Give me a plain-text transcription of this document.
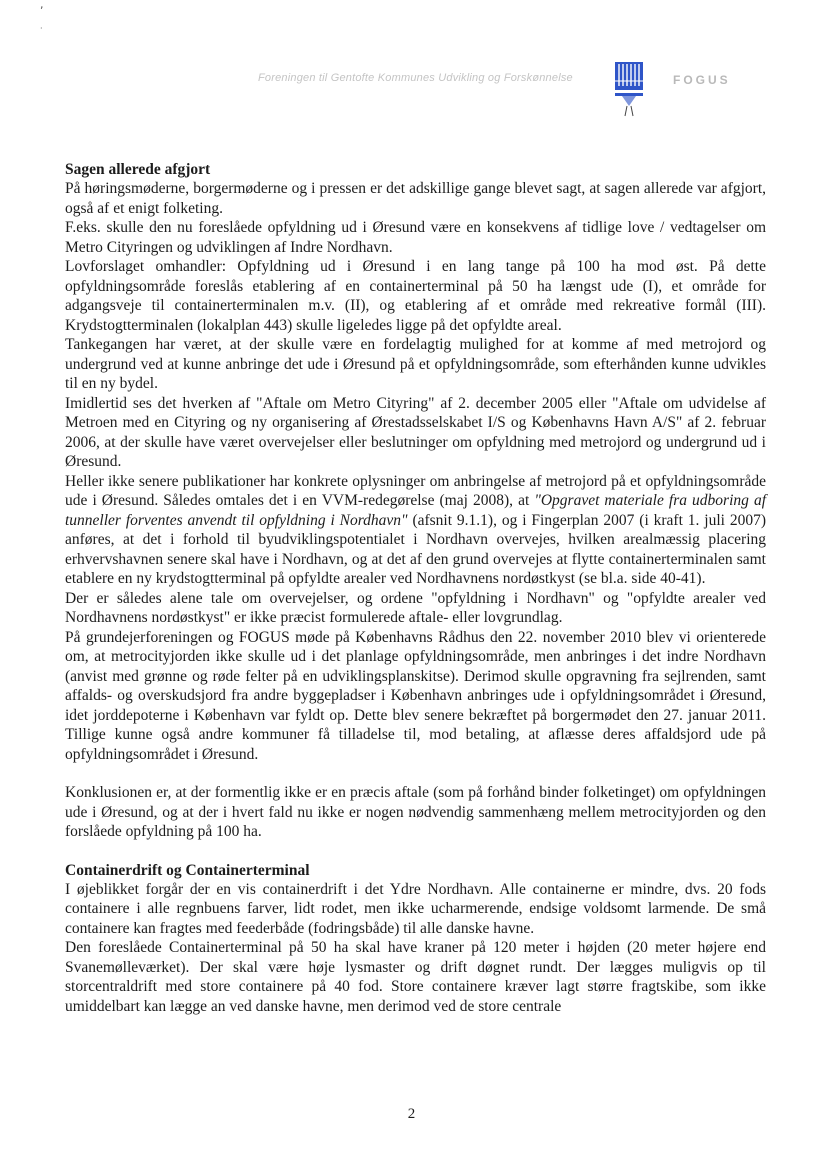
,
·
Foreningen til Gentofte Kommunes Udvikling og Forskønnelse	FOGUS

Sagen allerede afgjort

På høringsmøderne, borgermøderne og i pressen er det adskillige gange blevet sagt, at sagen allerede var afgjort, også af et enigt folketing.

F.eks. skulle den nu foreslåede opfyldning ud i Øresund være en konsekvens af tidlige love / vedtagelser om Metro Cityringen og udviklingen af Indre Nordhavn.

Lovforslaget omhandler: Opfyldning ud i Øresund i en lang tange på 100 ha mod øst. På dette opfyldningsområde foreslås etablering af en containerterminal på 50 ha længst ude (I), et område for adgangsveje til containerterminalen m.v. (II), og etablering af et område med rekreative formål (III). Krydstogtterminalen (lokalplan 443) skulle ligeledes ligge på det opfyldte areal.

Tankegangen har været, at der skulle være en fordelagtig mulighed for at komme af med metrojord og undergrund ved at kunne anbringe det ude i Øresund på et opfyldningsområde, som efterhånden kunne udvikles til en ny bydel.

Imidlertid ses det hverken af "Aftale om Metro Cityring" af 2. december 2005 eller "Aftale om udvidelse af Metroen med en Cityring og ny organisering af Ørestadsselskabet I/S og Københavns Havn A/S" af 2. februar 2006, at der skulle have været overvejelser eller beslutninger om opfyldning med metrojord og undergrund ud i Øresund.

Heller ikke senere publikationer har konkrete oplysninger om anbringelse af metrojord på et opfyldningsområde ude i Øresund. Således omtales det i en VVM-redegørelse (maj 2008), at "Opgravet materiale fra udboring af tunneller forventes anvendt til opfyldning i Nordhavn" (afsnit 9.1.1), og i Fingerplan 2007 (i kraft 1. juli 2007) anføres, at det i forhold til byudviklingspotentialet i Nordhavn overvejes, hvilken arealmæssig placering erhvervshavnen senere skal have i Nordhavn, og at det af den grund overvejes at flytte containerterminalen samt etablere en ny krydstogtterminal på opfyldte arealer ved Nordhavnens nordøstkyst (se bl.a. side 40-41).

Der er således alene tale om overvejelser, og ordene "opfyldning i Nordhavn" og "opfyldte arealer ved Nordhavnens nordøstkyst" er ikke præcist formulerede aftale- eller lovgrundlag.

På grundejerforeningen og FOGUS møde på Københavns Rådhus den 22. november 2010 blev vi orienterede om, at metrocityjorden ikke skulle ud i det planlage opfyldningsområde, men anbringes i det indre Nordhavn (anvist med grønne og røde felter på en udviklingsplanskitse). Derimod skulle opgravning fra sejlrenden, samt affalds- og overskudsjord fra andre byggepladser i København anbringes ude i opfyldningsområdet i Øresund, idet jorddepoterne i København var fyldt op. Dette blev senere bekræftet på borgermødet den 27. januar 2011. Tillige kunne også andre kommuner få tilladelse til, mod betaling, at aflæsse deres affaldsjord ude på opfyldningsområdet i Øresund.

Konklusionen er, at der formentlig ikke er en præcis aftale (som på forhånd binder folketinget) om opfyldningen ude i Øresund, og at der i hvert fald nu ikke er nogen nødvendig sammenhæng mellem metrocityjorden og den forslåede opfyldning på 100 ha.

Containerdrift og Containerterminal

I øjeblikket forgår der en vis containerdrift i det Ydre Nordhavn. Alle containerne er mindre, dvs. 20 fods containere i alle regnbuens farver, lidt rodet, men ikke ucharmerende, endsige voldsomt larmende. De små containere kan fragtes med feederbåde (fodringsbåde) til alle danske havne.

Den foreslåede Containerterminal på 50 ha skal have kraner på 120 meter i højden (20 meter højere end Svanemølleværket). Der skal være høje lysmaster og drift døgnet rundt. Der lægges muligvis op til storcentraldrift med store containere på 40 fod. Store containere kræver lagt større fragtskibe, som ikke umiddelbart kan lægge an ved danske havne, men derimod ved de store centrale

2
